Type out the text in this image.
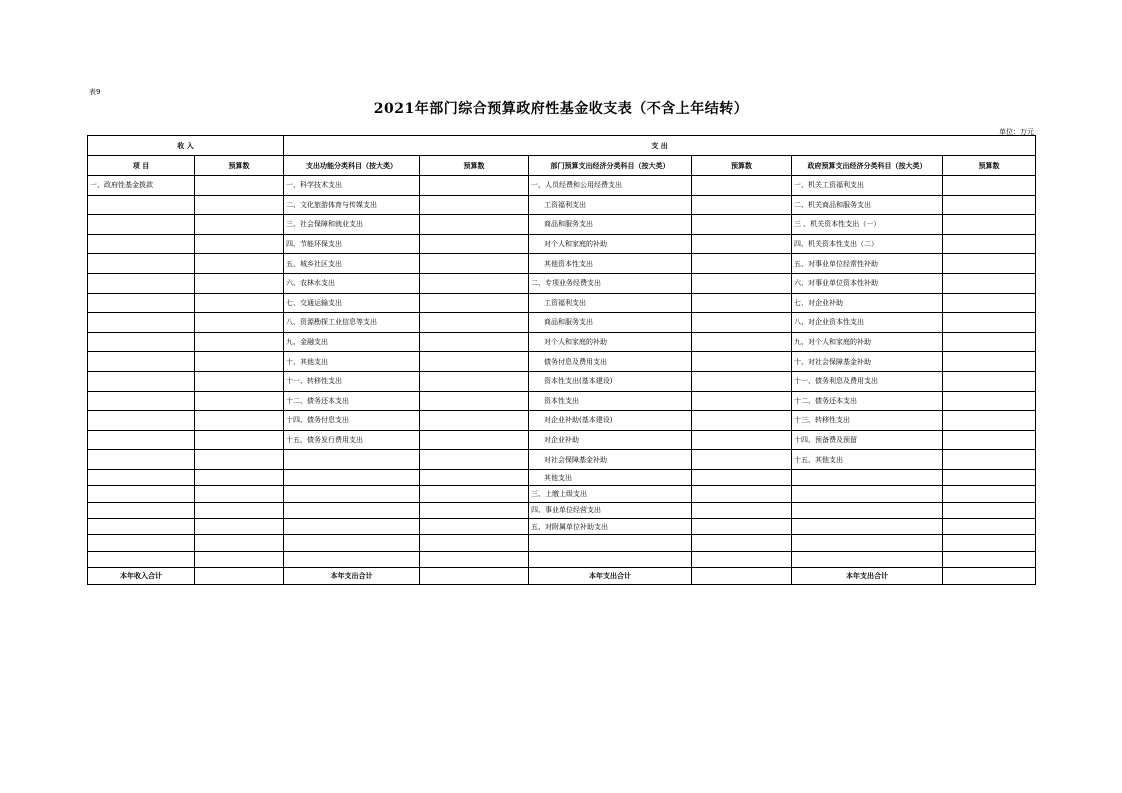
表9
2021年部门综合预算政府性基金收支表（不含上年结转）
单位：万元
收 入		支 出					
项 目	预算数	支出功能分类科目（按大类）	预算数	部门预算支出经济分类科目（按大类）	预算数	政府预算支出经济分类科目（按大类）	预算数
一、政府性基金拨款		一、科学技术支出		一、人员经费和公用经费支出		一、机关工资福利支出	
		二、文化旅游体育与传媒支出		工资福利支出		二、机关商品和服务支出	
		三、社会保障和就业支出		商品和服务支出		三 、机关资本性支出（一）	
		四、节能环保支出		对个人和家庭的补助		四、机关资本性支出（二）	
		五、城乡社区支出		其他资本性支出		五、对事业单位经常性补助	
		六、农林水支出		二、专项业务经费支出		六、对事业单位资本性补助	
		七、交通运输支出		工资福利支出		七、对企业补助	
		八、资源勘探工业信息等支出		商品和服务支出		八、对企业资本性支出	
		九、金融支出		对个人和家庭的补助		九、对个人和家庭的补助	
		十、其他支出		债务付息及费用支出		十、对社会保障基金补助	
		十一、转移性支出		资本性支出(基本建设)		十一、债务利息及费用支出	
		十二、债务还本支出		资本性支出		十二、债务还本支出	
		十四、债务付息支出		对企业补助(基本建设)		十三、转移性支出	
		十五、债务发行费用支出		对企业补助		十四、预备费及预留	
				对社会保障基金补助		十五、其他支出	
				其他支出			
				三、上缴上级支出			
				四、事业单位经营支出			
				五、对附属单位补助支出			

本年收入合计		本年支出合计		本年支出合计		本年支出合计	
